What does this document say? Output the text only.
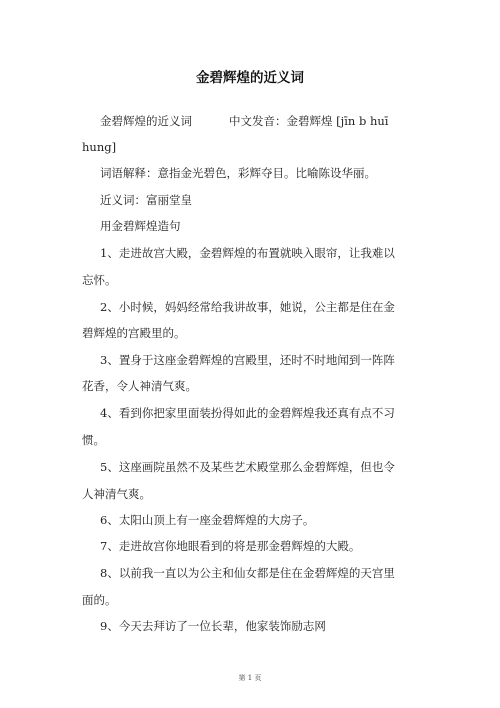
金碧辉煌的近义词
金碧辉煌的近义词	中文发音：金碧辉煌 [jīn b huī
hung]
词语解释：意指金光碧色，彩辉夺目。比喻陈设华丽。
近义词：富丽堂皇
用金碧辉煌造句
1、走进故宫大殿，金碧辉煌的布置就映入眼帘，让我难以
忘怀。
2、小时候，妈妈经常给我讲故事，她说，公主都是住在金
碧辉煌的宫殿里的。
3、置身于这座金碧辉煌的宫殿里，还时不时地闻到一阵阵
花香，令人神清气爽。
4、看到你把家里面装扮得如此的金碧辉煌我还真有点不习
惯。
5、这座画院虽然不及某些艺术殿堂那么金碧辉煌，但也令
人神清气爽。
6、太阳山顶上有一座金碧辉煌的大房子。
7、走进故宫你地眼看到的将是那金碧辉煌的大殿。
8、以前我一直以为公主和仙女都是住在金碧辉煌的天宫里
面的。
9、今天去拜访了一位长辈，他家装饰励志网
第 1 页
